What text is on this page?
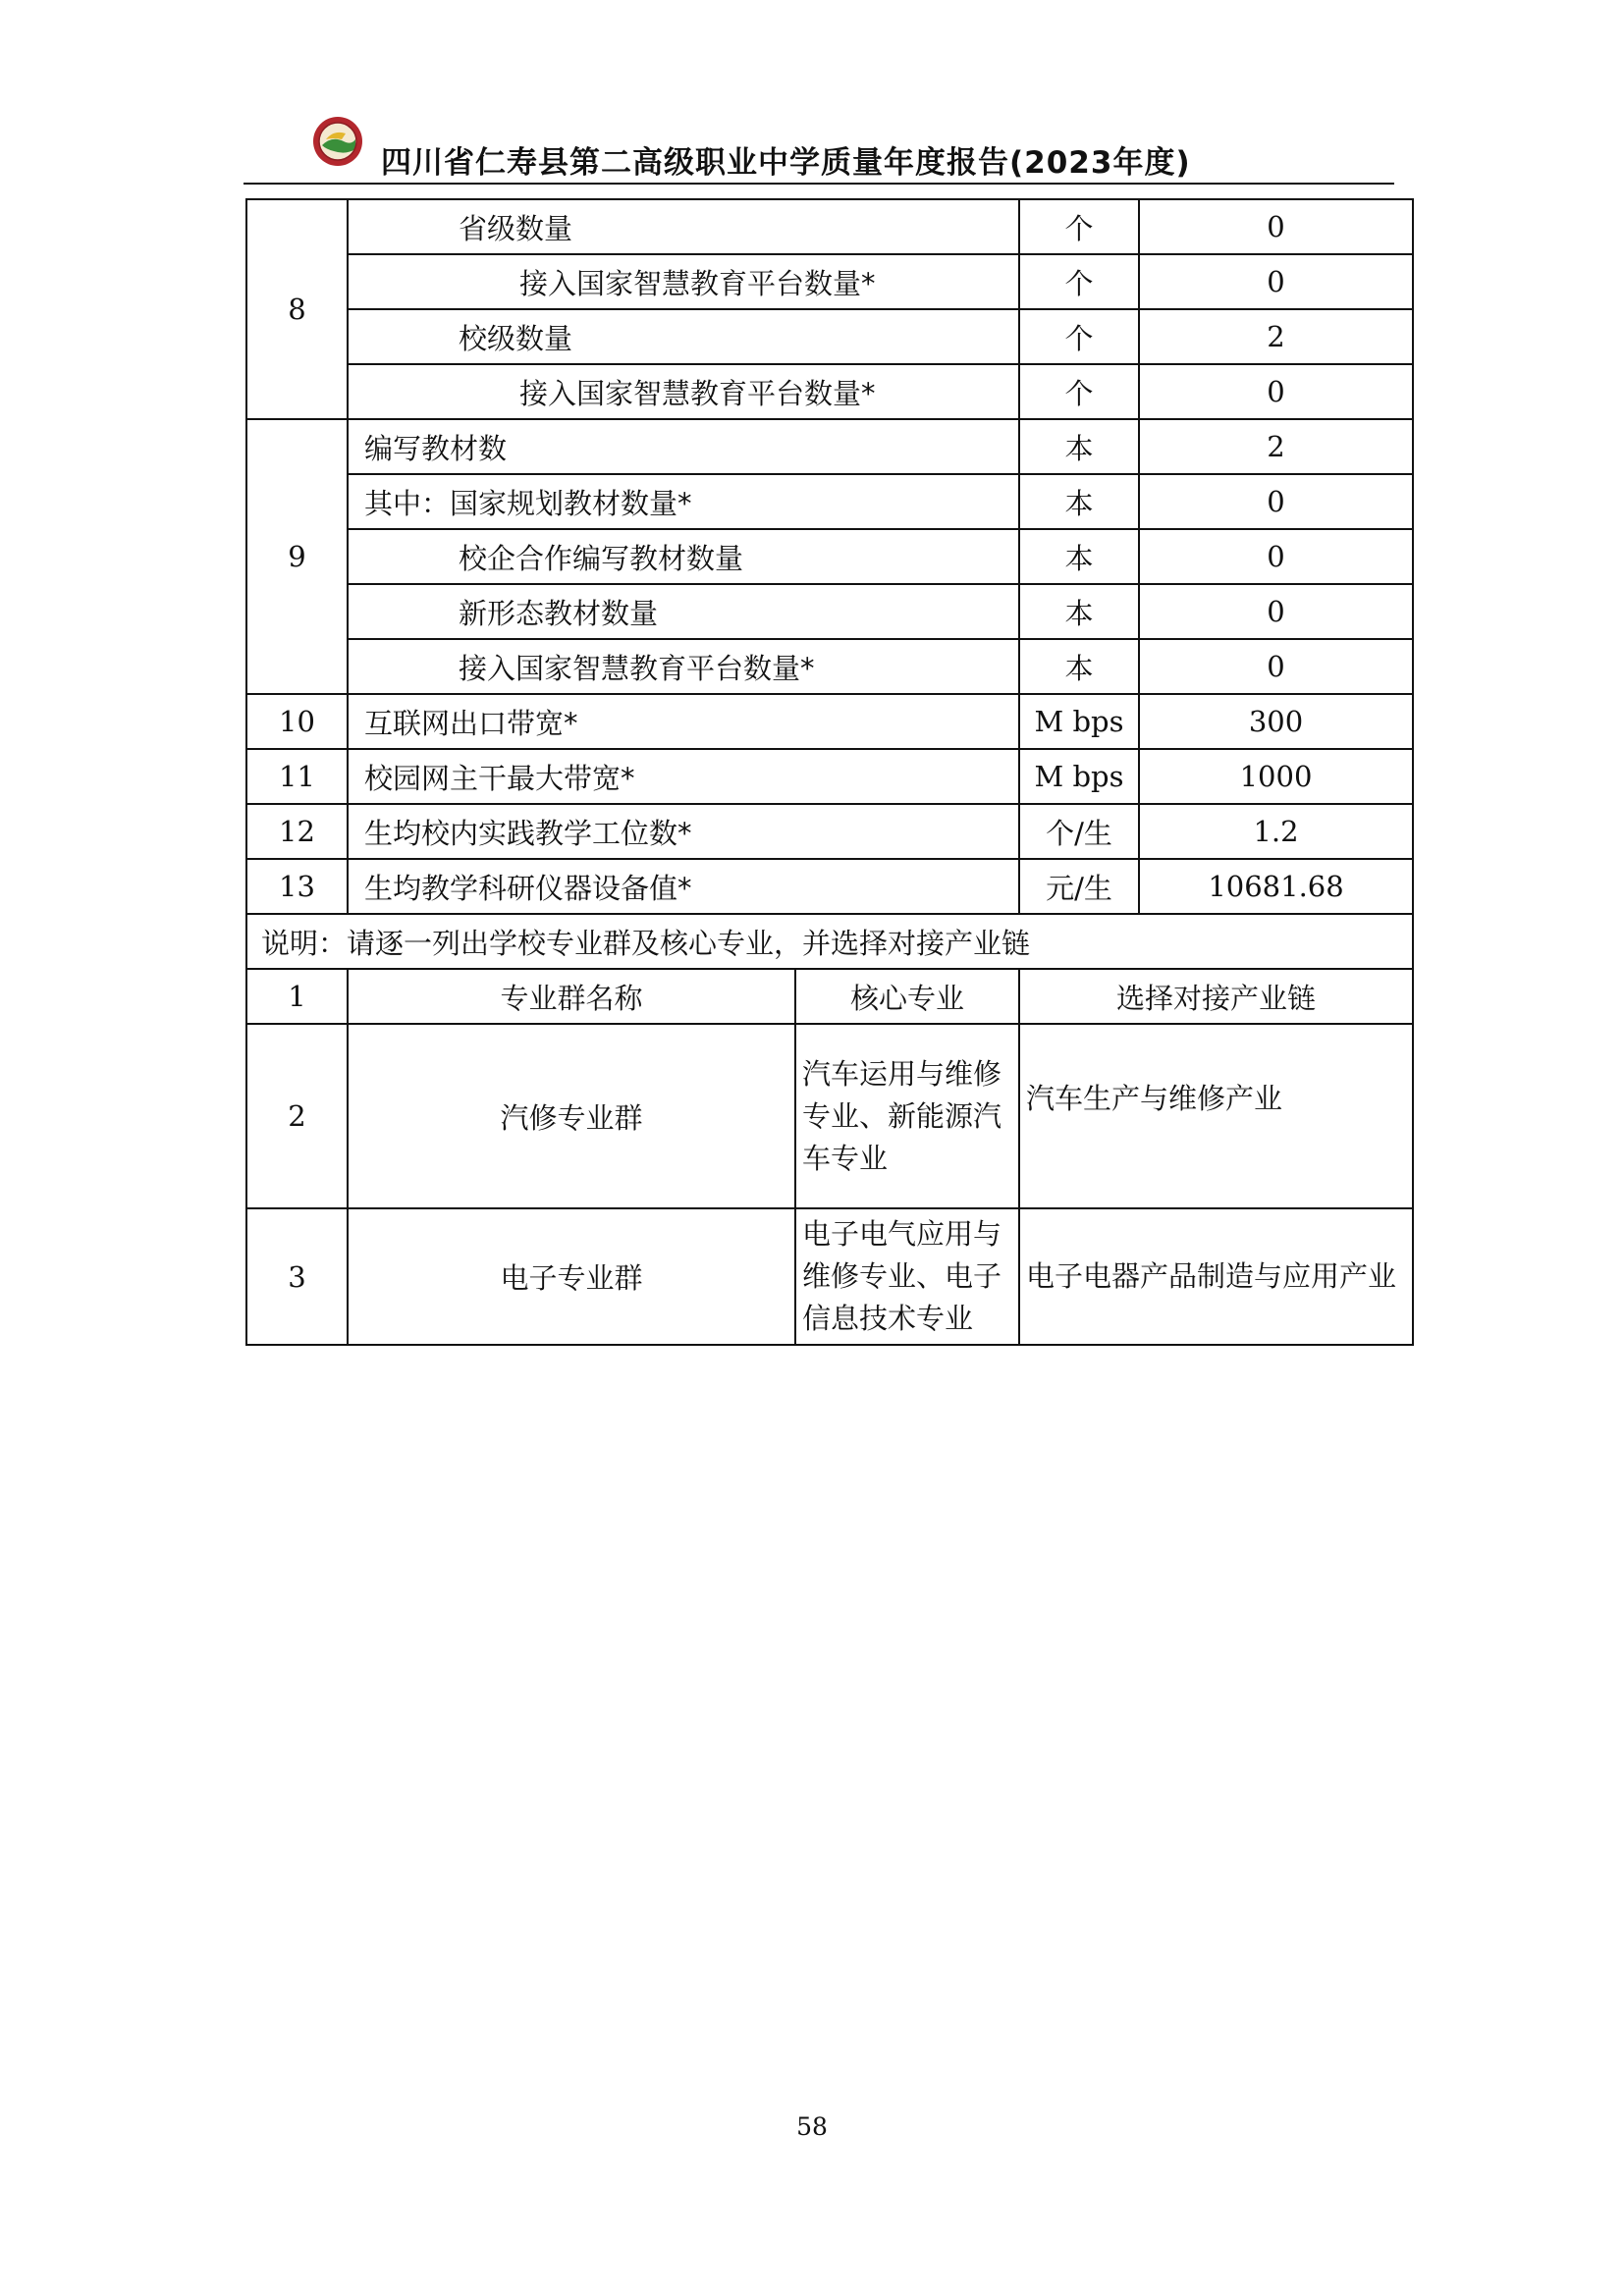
四川省仁寿县第二高级职业中学质量年度报告(2023年度)
8	省级数量		个	0
	接入国家智慧教育平台数量*		个	0
	校级数量		个	2
	接入国家智慧教育平台数量*		个	0
9	编写教材数		本	2
	其中：国家规划教材数量*		本	0
	校企合作编写教材数量		本	0
	新形态教材数量		本	0
	接入国家智慧教育平台数量*		本	0
10	互联网出口带宽*		M bps	300
11	校园网主干最大带宽*		M bps	1000
12	生均校内实践教学工位数*		个/生	1.2
13	生均教学科研仪器设备值*		元/生	10681.68
说明：请逐一列出学校专业群及核心专业，并选择对接产业链				
1	专业群名称	核心专业	选择对接产业链	
2	汽修专业群	汽车运用与维修专业、新能源汽车专业	汽车生产与维修产业	
3	电子专业群	电子电气应用与维修专业、电子信息技术专业	电子电器产品制造与应用产业	
58
